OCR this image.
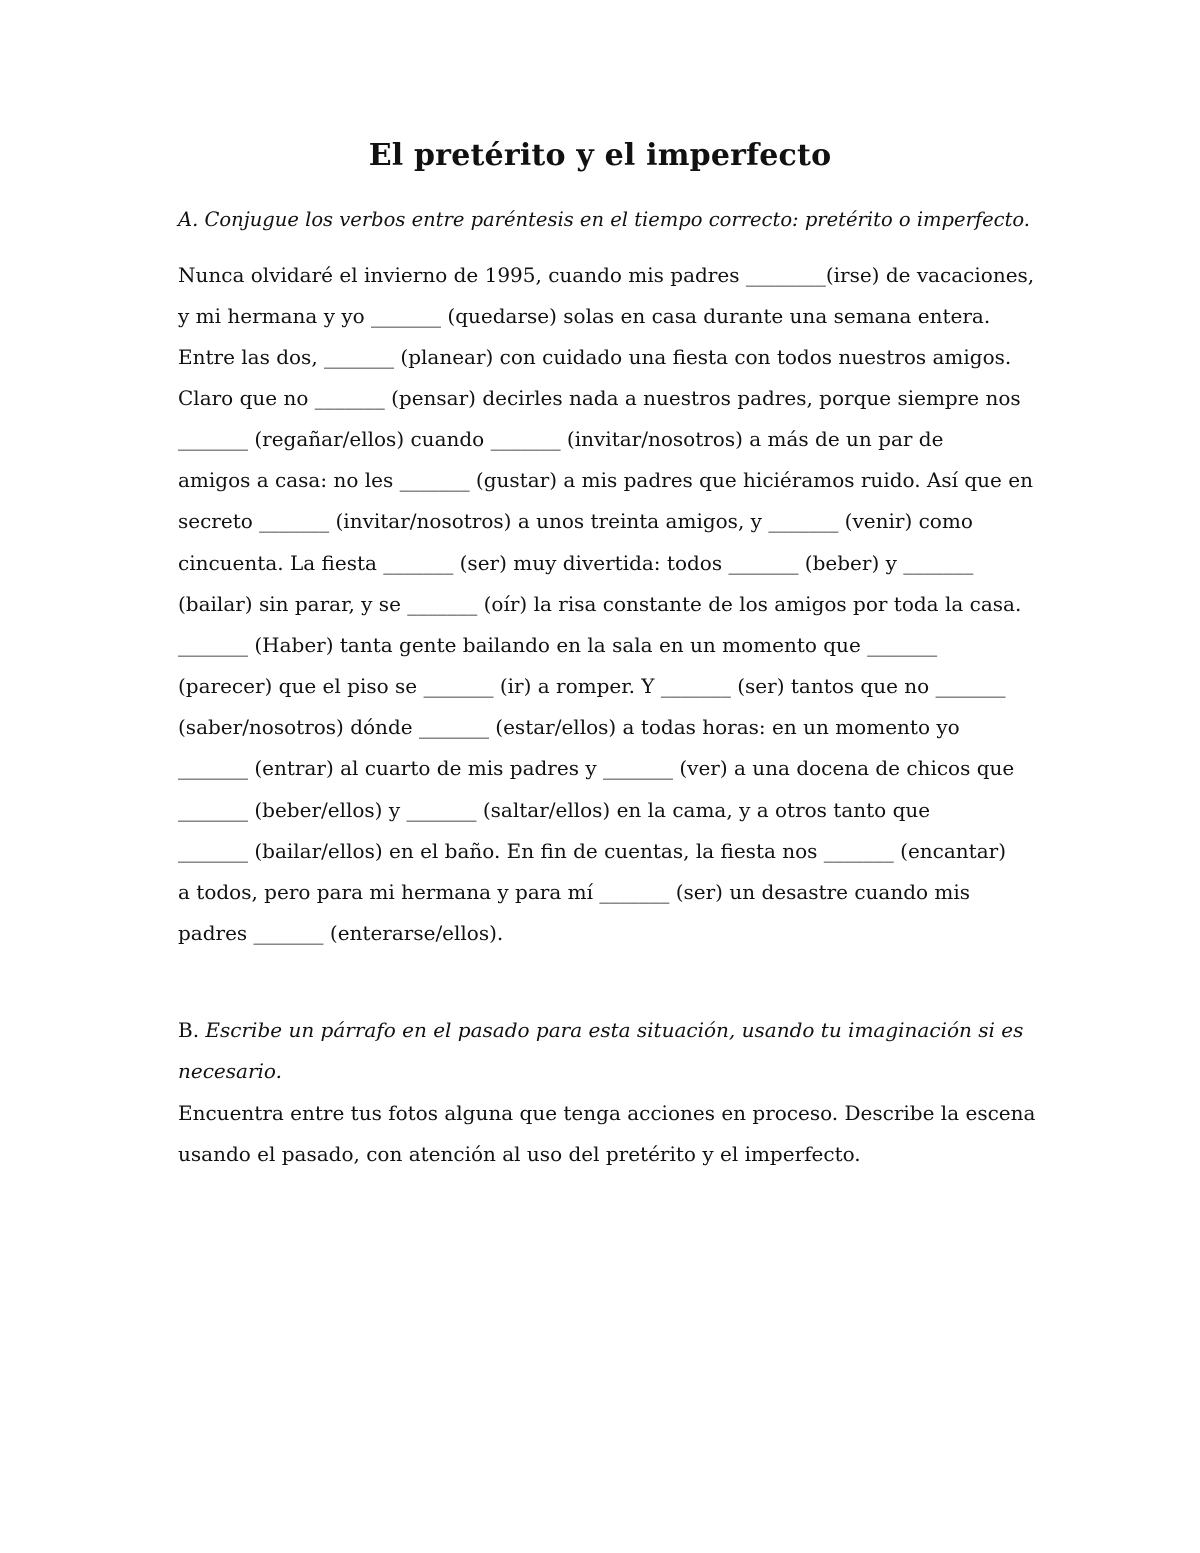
El pretérito y el imperfecto
A. Conjugue los verbos entre paréntesis en el tiempo correcto: pretérito o imperfecto.
Nunca olvidaré el invierno de 1995, cuando mis padres ________(irse) de vacaciones,
y mi hermana y yo _______ (quedarse) solas en casa durante una semana entera.
Entre las dos, _______ (planear) con cuidado una fiesta con todos nuestros amigos.
Claro que no _______ (pensar) decirles nada a nuestros padres, porque siempre nos
_______ (regañar/ellos) cuando _______ (invitar/nosotros) a más de un par de
amigos a casa: no les _______ (gustar) a mis padres que hiciéramos ruido. Así que en
secreto _______ (invitar/nosotros) a unos treinta amigos, y _______ (venir) como
cincuenta. La fiesta _______ (ser) muy divertida: todos _______ (beber) y _______
(bailar) sin parar, y se _______ (oír) la risa constante de los amigos por toda la casa.
_______ (Haber) tanta gente bailando en la sala en un momento que _______
(parecer) que el piso se _______ (ir) a romper. Y _______ (ser) tantos que no _______
(saber/nosotros) dónde _______ (estar/ellos) a todas horas: en un momento yo
_______ (entrar) al cuarto de mis padres y _______ (ver) a una docena de chicos que
_______ (beber/ellos) y _______ (saltar/ellos) en la cama, y a otros tanto que
_______ (bailar/ellos) en el baño. En fin de cuentas, la fiesta nos _______ (encantar)
a todos, pero para mi hermana y para mí _______ (ser) un desastre cuando mis
padres _______ (enterarse/ellos).
B. Escribe un párrafo en el pasado para esta situación, usando tu imaginación si es
necesario.
Encuentra entre tus fotos alguna que tenga acciones en proceso. Describe la escena
usando el pasado, con atención al uso del pretérito y el imperfecto.
